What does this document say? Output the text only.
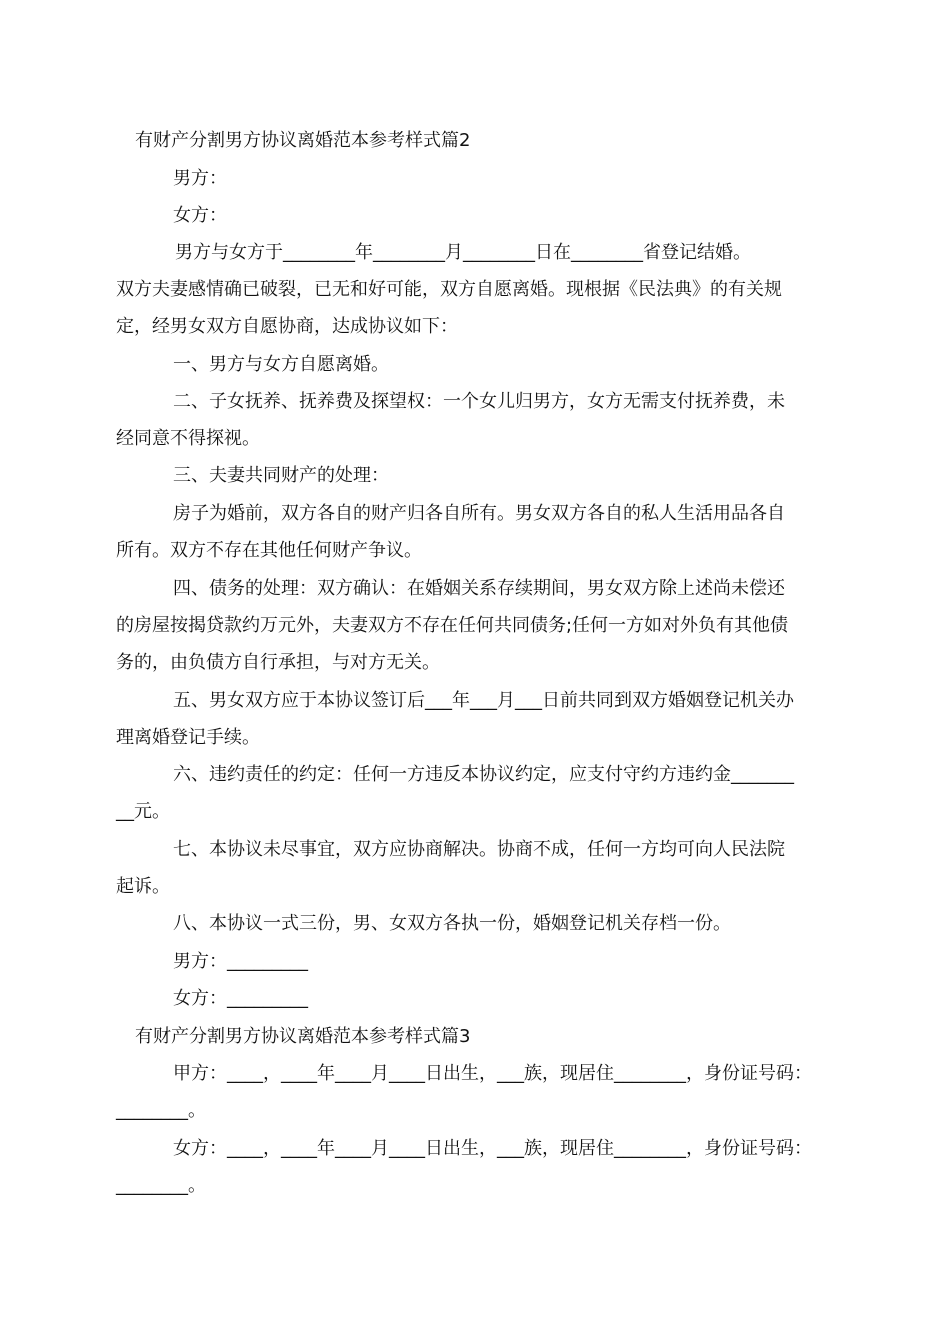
有财产分割男方协议离婚范本参考样式篇2
男方：
女方：
男方与女方于________年________月________日在________省登记结婚。
双方夫妻感情确已破裂，已无和好可能，双方自愿离婚。现根据《民法典》的有关规
定，经男女双方自愿协商，达成协议如下：
一、男方与女方自愿离婚。
二、子女抚养、抚养费及探望权：一个女儿归男方，女方无需支付抚养费，未
经同意不得探视。
三、夫妻共同财产的处理：
房子为婚前，双方各自的财产归各自所有。男女双方各自的私人生活用品各自
所有。双方不存在其他任何财产争议。
四、债务的处理：双方确认：在婚姻关系存续期间，男女双方除上述尚未偿还
的房屋按揭贷款约万元外，夫妻双方不存在任何共同债务;任何一方如对外负有其他债
务的，由负债方自行承担，与对方无关。
五、男女双方应于本协议签订后___年___月___日前共同到双方婚姻登记机关办
理离婚登记手续。
六、违约责任的约定：任何一方违反本协议约定，应支付守约方违约金_______
__元。
七、本协议未尽事宜，双方应协商解决。协商不成，任何一方均可向人民法院
起诉。
八、本协议一式三份，男、女双方各执一份，婚姻登记机关存档一份。
男方：_________
女方：_________
有财产分割男方协议离婚范本参考样式篇3
甲方：____，____年____月____日出生，___族，现居住________，身份证号码：
________。
女方：____，____年____月____日出生，___族，现居住________，身份证号码：
________。
